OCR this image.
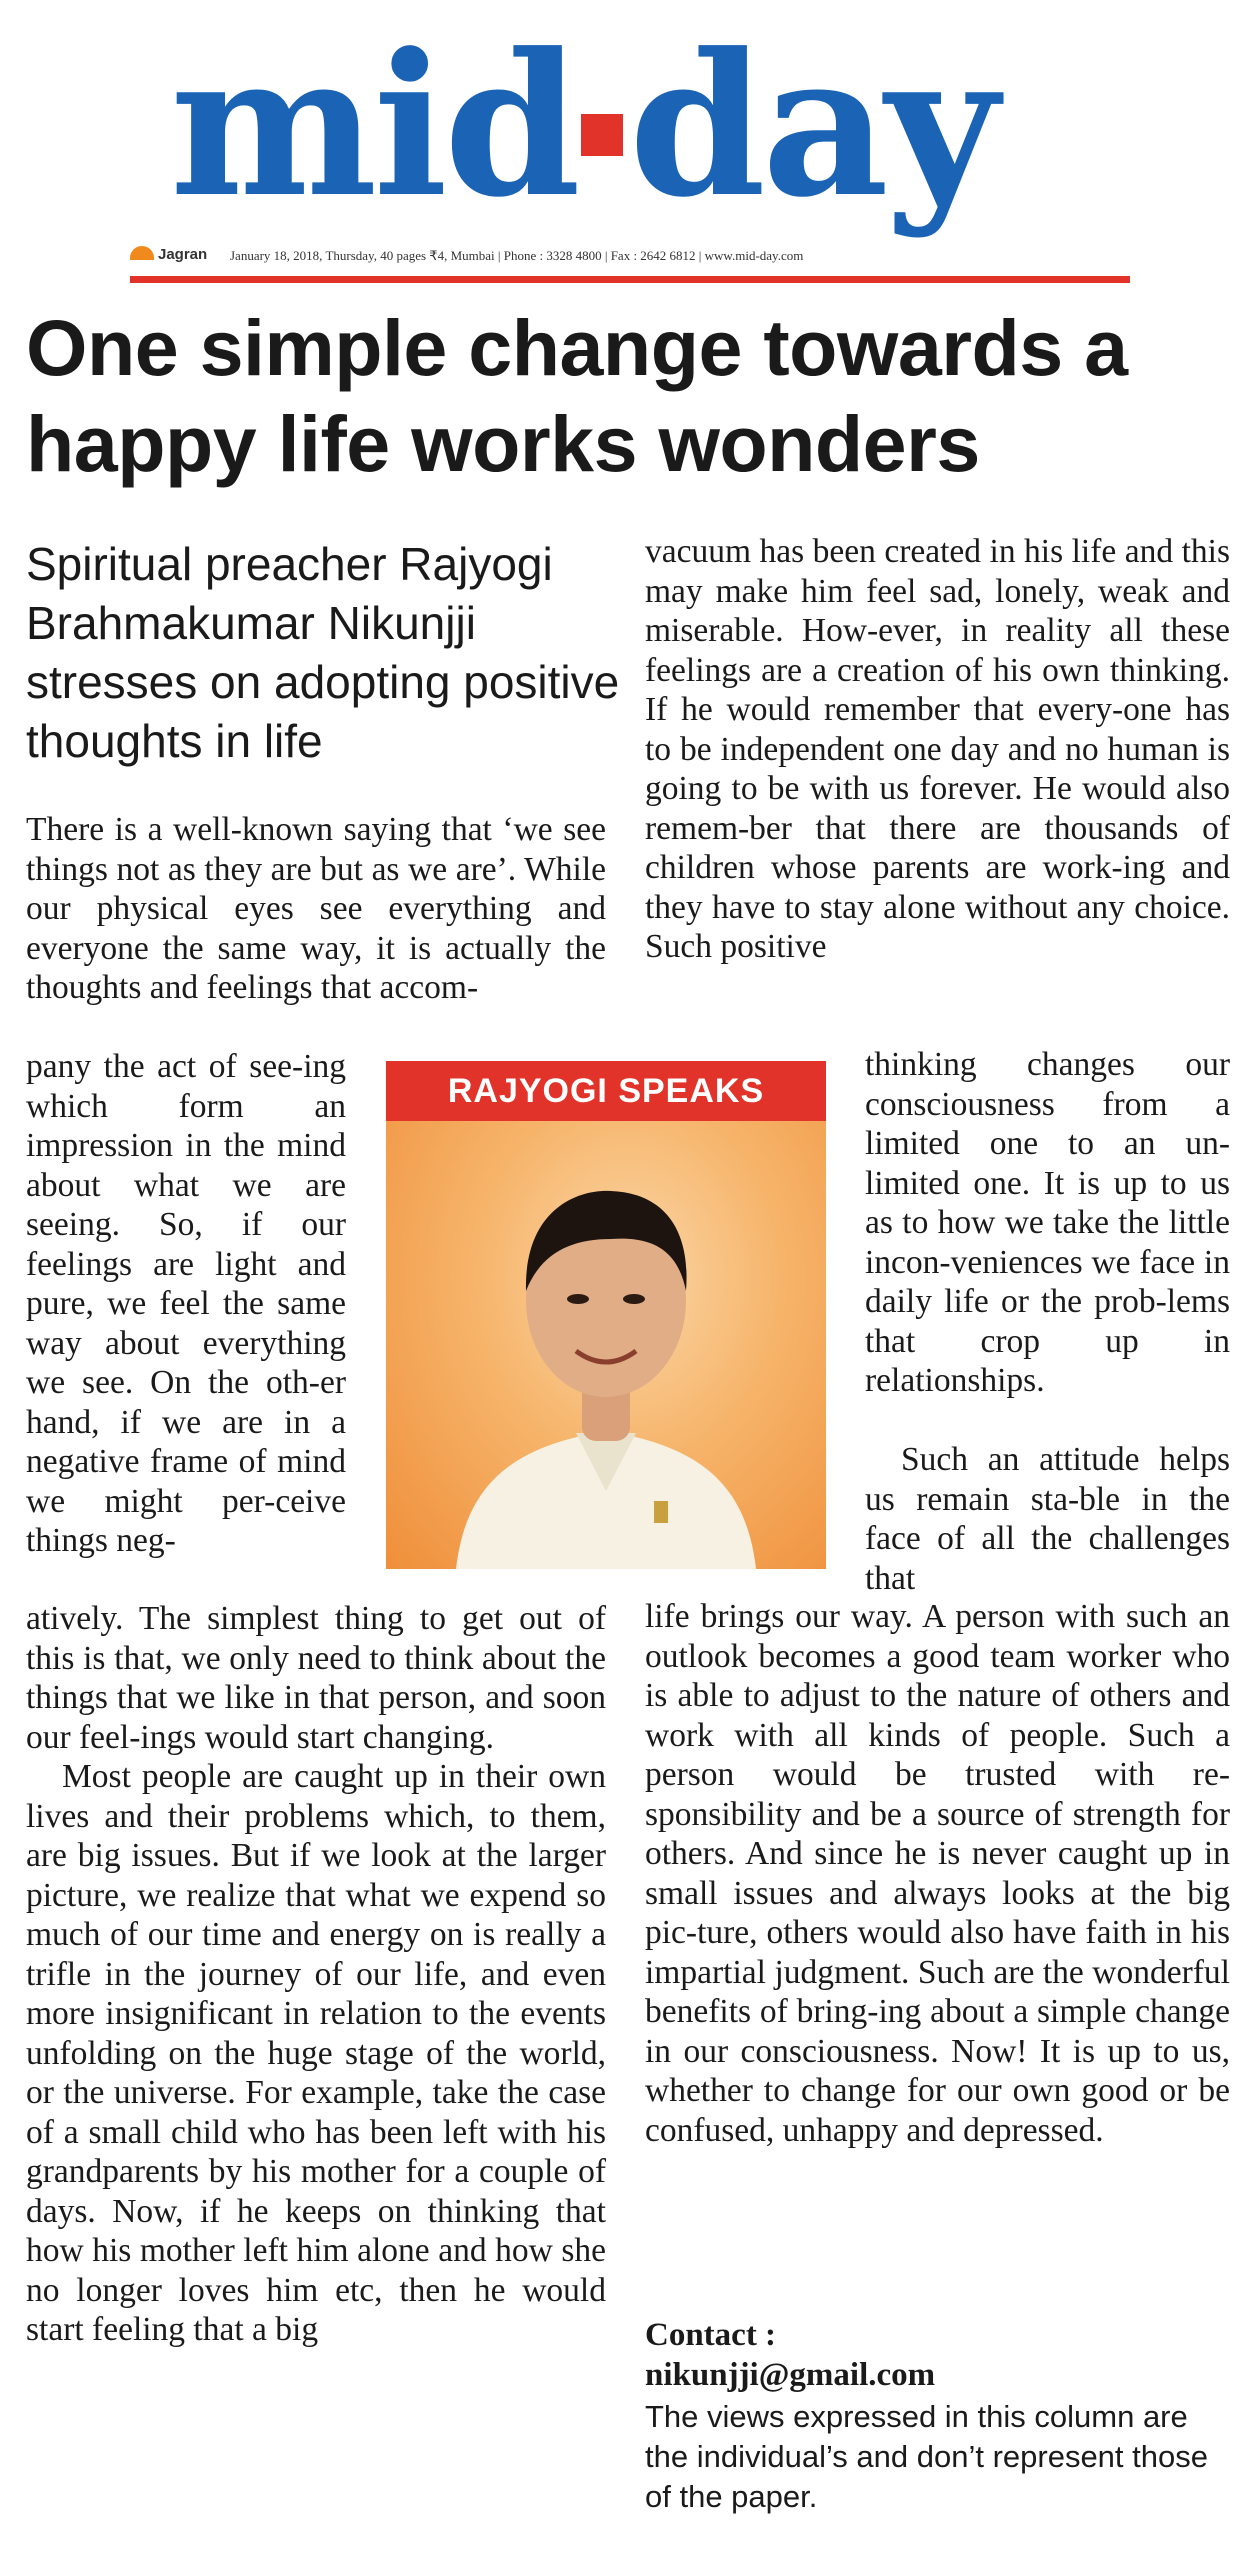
mid day
Jagran January 18, 2018, Thursday, 40 pages ₹4, Mumbai | Phone : 3328 4800 | Fax : 2642 6812 | www.mid-day.com
One simple change towards a happy life works wonders

Spiritual preacher Rajyogi Brahmakumar Nikunjji stresses on adopting positive thoughts in life

There is a well-known saying that ‘we see things not as they are but as we are’. While our physical eyes see everything and everyone the same way, it is actually the thoughts and feelings that accom-

pany the act of see-ing which form an impression in the mind about what we are seeing. So, if our feelings are light and pure, we feel the same way about everything we see. On the oth-er hand, if we are in a negative frame of mind we might per-ceive things neg-

atively. The simplest thing to get out of this is that, we only need to think about the things that we like in that person, and soon our feel-ings would start changing.

Most people are caught up in their own lives and their problems which, to them, are big issues. But if we look at the larger picture, we realize that what we expend so much of our time and energy on is really a trifle in the journey of our life, and even more insignificant in relation to the events unfolding on the huge stage of the world, or the universe. For example, take the case of a small child who has been left with his grandparents by his mother for a couple of days. Now, if he keeps on thinking that how his mother left him alone and how she no longer loves him etc, then he would start feeling that a big

RAJYOGI SPEAKS

vacuum has been created in his life and this may make him feel sad, lonely, weak and miserable. How-ever, in reality all these feelings are a creation of his own thinking. If he would remember that every-one has to be independent one day and no human is going to be with us forever. He would also remem-ber that there are thousands of children whose parents are work-ing and they have to stay alone without any choice. Such positive

thinking changes our consciousness from a limited one to an un-limited one. It is up to us as to how we take the little incon-veniences we face in daily life or the prob-lems that crop up in relationships.

Such an attitude helps us remain sta-ble in the face of all the challenges that

life brings our way. A person with such an outlook becomes a good team worker who is able to adjust to the nature of others and work with all kinds of people. Such a person would be trusted with re-sponsibility and be a source of strength for others. And since he is never caught up in small issues and always looks at the big pic-ture, others would also have faith in his impartial judgment. Such are the wonderful benefits of bring-ing about a simple change in our consciousness. Now! It is up to us, whether to change for our own good or be confused, unhappy and depressed.

Contact :
nikunjji@gmail.com

The views expressed in this column are the individual’s and don’t represent those of the paper.
